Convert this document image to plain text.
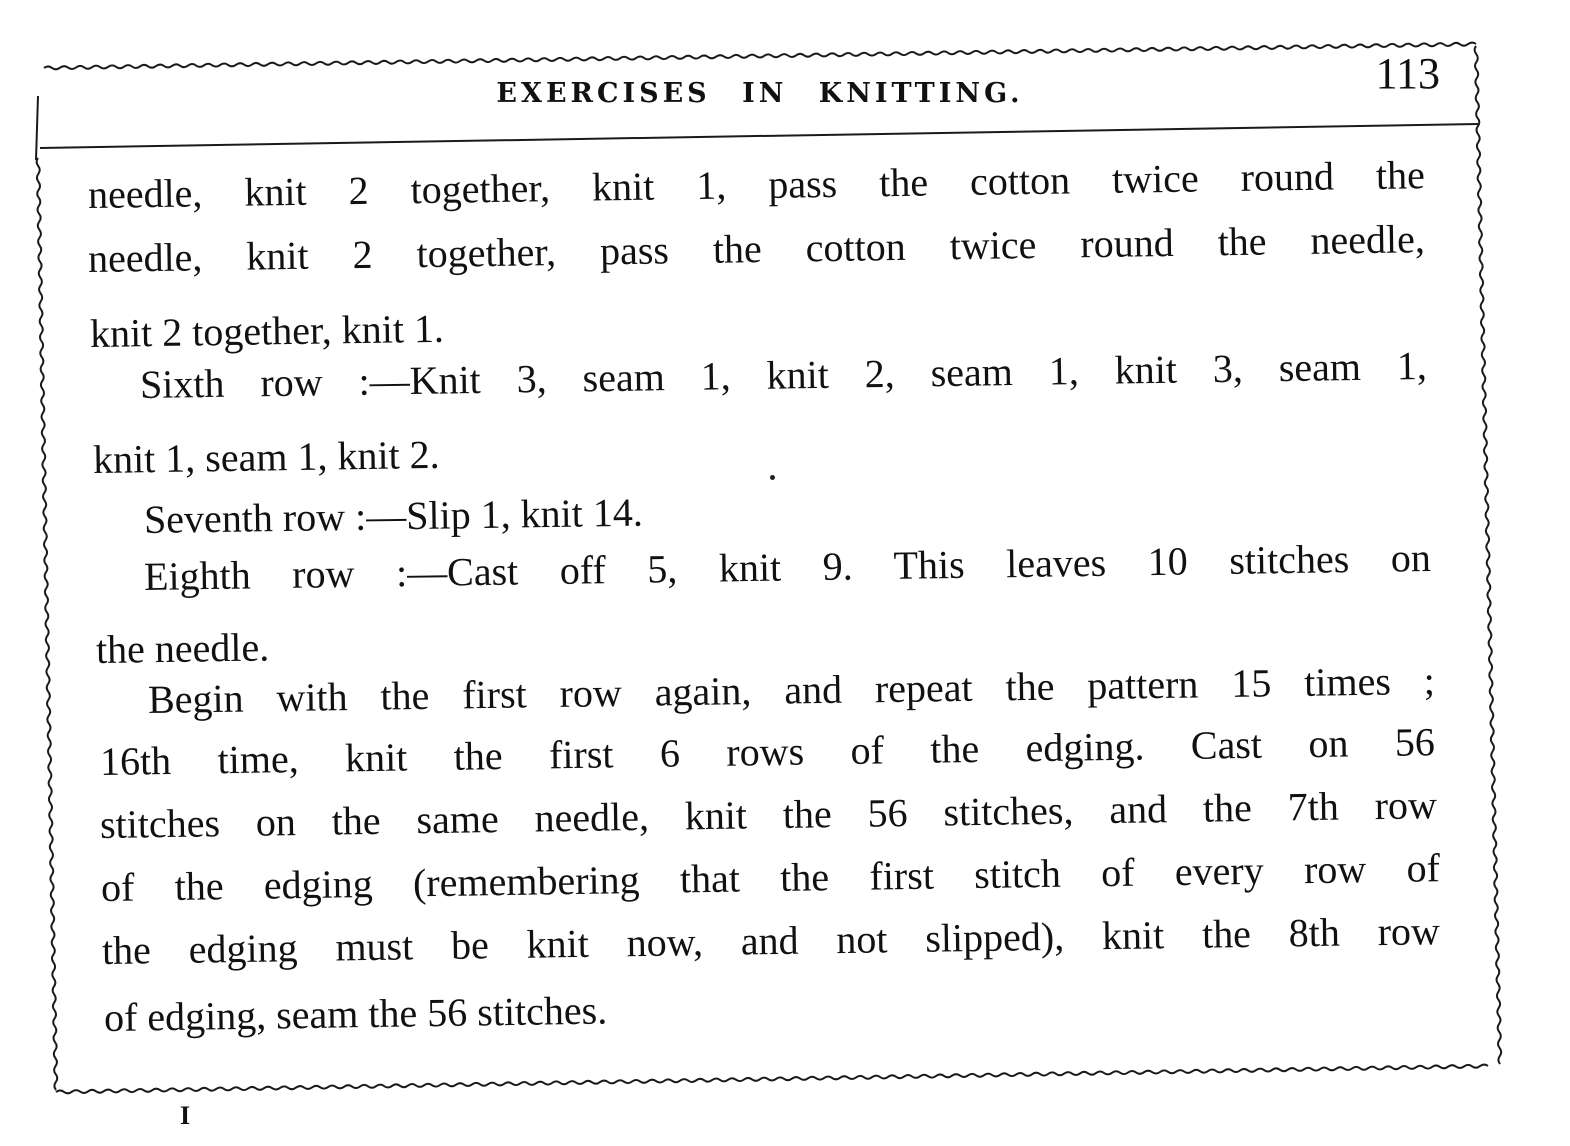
EXERCISES IN KNITTING.	113
needle, knit 2 together, knit 1, pass the cotton twice round the
needle, knit 2 together, pass the cotton twice round the needle,
knit 2 together, knit 1.
Sixth row :—Knit 3, seam 1, knit 2, seam 1, knit 3, seam 1,
knit 1, seam 1, knit 2.
Seventh row :—Slip 1, knit 14.
Eighth row :—Cast off 5, knit 9. This leaves 10 stitches on
the needle.
Begin with the first row again, and repeat the pattern 15 times ;
16th time, knit the first 6 rows of the edging. Cast on 56
stitches on the same needle, knit the 56 stitches, and the 7th row
of the edging (remembering that the first stitch of every row of
the edging must be knit now, and not slipped), knit the 8th row
of edging, seam the 56 stitches.
I
